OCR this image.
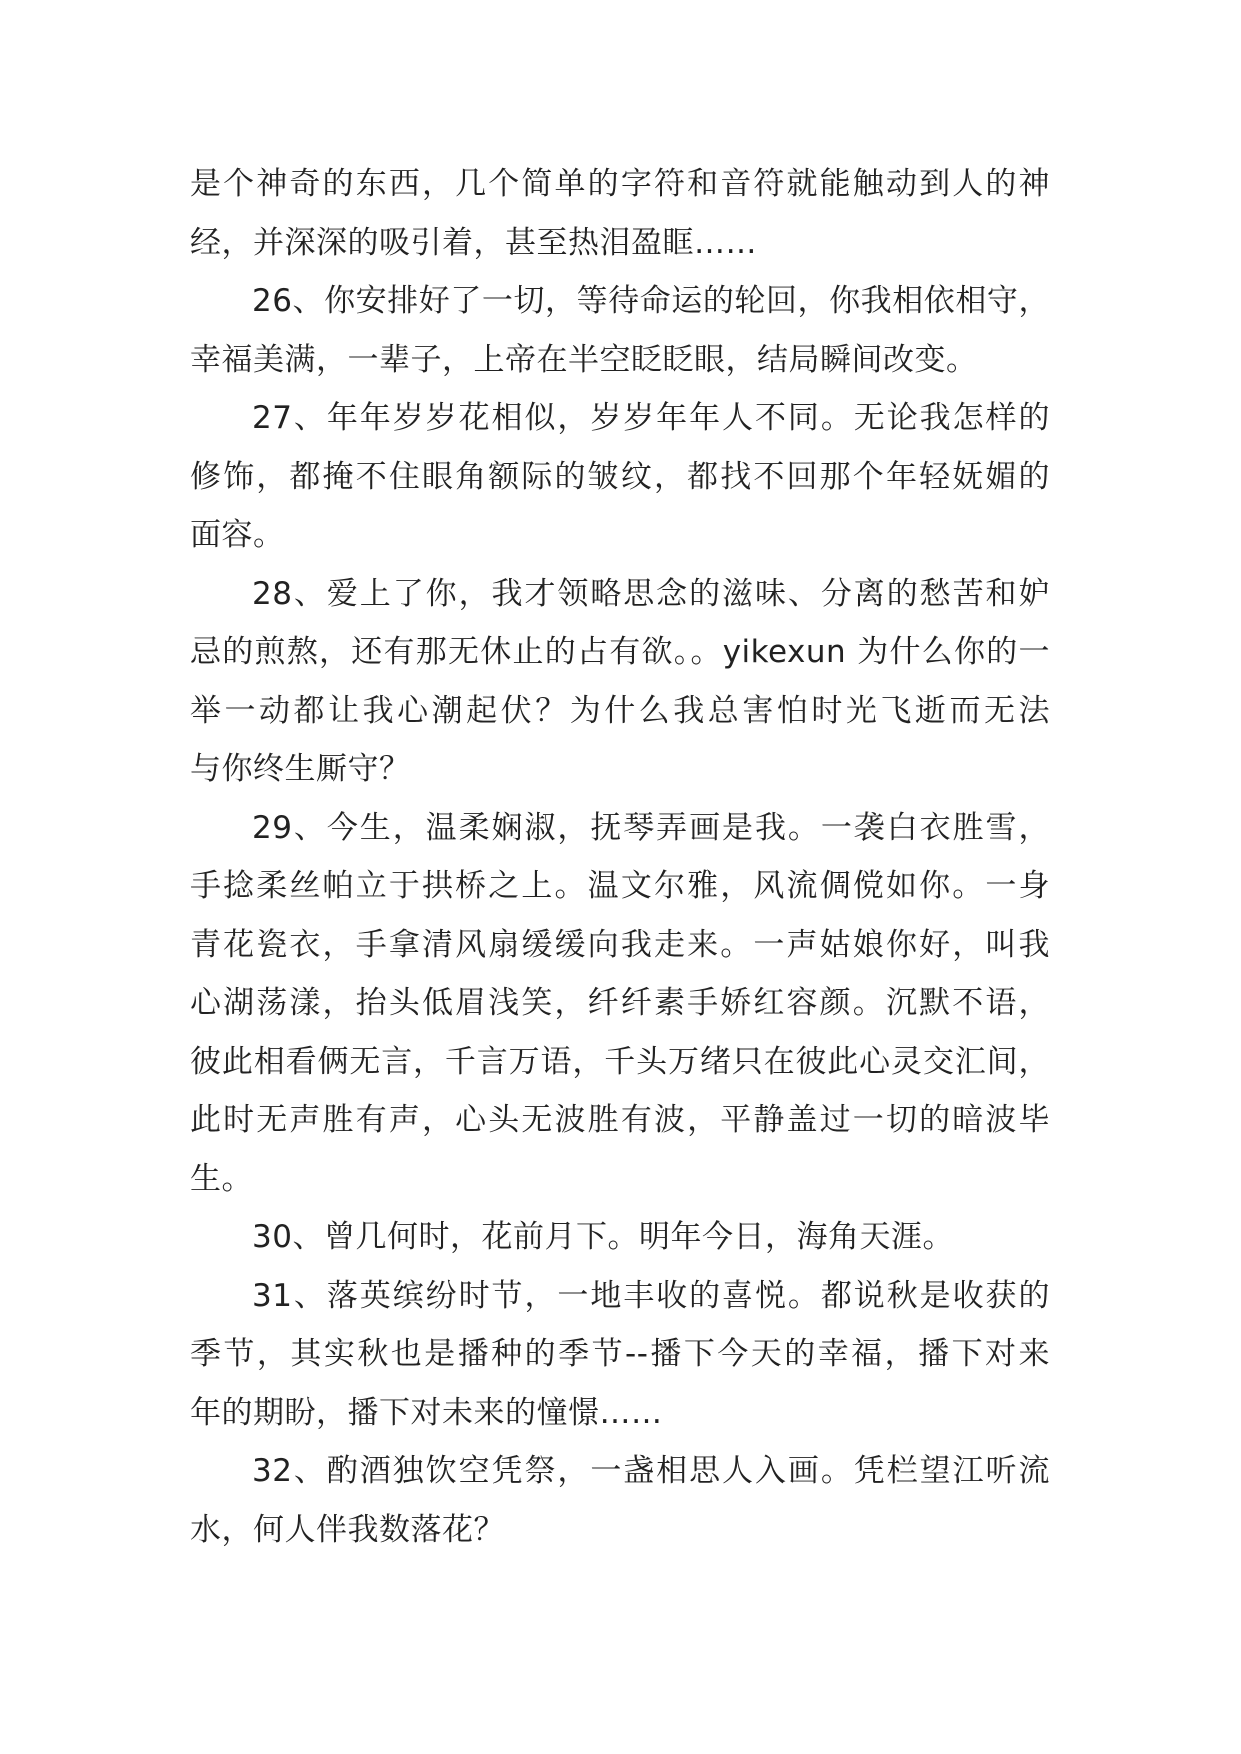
是个神奇的东西，几个简单的字符和音符就能触动到人的神
经，并深深的吸引着，甚至热泪盈眶……
26、你安排好了一切，等待命运的轮回，你我相依相守，
幸福美满，一辈子，上帝在半空眨眨眼，结局瞬间改变。
27、年年岁岁花相似，岁岁年年人不同。无论我怎样的
修饰，都掩不住眼角额际的皱纹，都找不回那个年轻妩媚的
面容。
28、爱上了你，我才领略思念的滋味、分离的愁苦和妒
忌的煎熬，还有那无休止的占有欲。。yikexun 为什么你的一
举一动都让我心潮起伏？为什么我总害怕时光飞逝而无法
与你终生厮守？
29、今生，温柔娴淑，抚琴弄画是我。一袭白衣胜雪，
手捻柔丝帕立于拱桥之上。温文尔雅，风流倜傥如你。一身
青花瓷衣，手拿清风扇缓缓向我走来。一声姑娘你好，叫我
心湖荡漾，抬头低眉浅笑，纤纤素手娇红容颜。沉默不语，
彼此相看俩无言，千言万语，千头万绪只在彼此心灵交汇间，
此时无声胜有声，心头无波胜有波，平静盖过一切的暗波毕
生。
30、曾几何时，花前月下。明年今日，海角天涯。
31、落英缤纷时节，一地丰收的喜悦。都说秋是收获的
季节，其实秋也是播种的季节--播下今天的幸福，播下对来
年的期盼，播下对未来的憧憬……
32、酌酒独饮空凭祭，一盏相思人入画。凭栏望江听流
水，何人伴我数落花？
